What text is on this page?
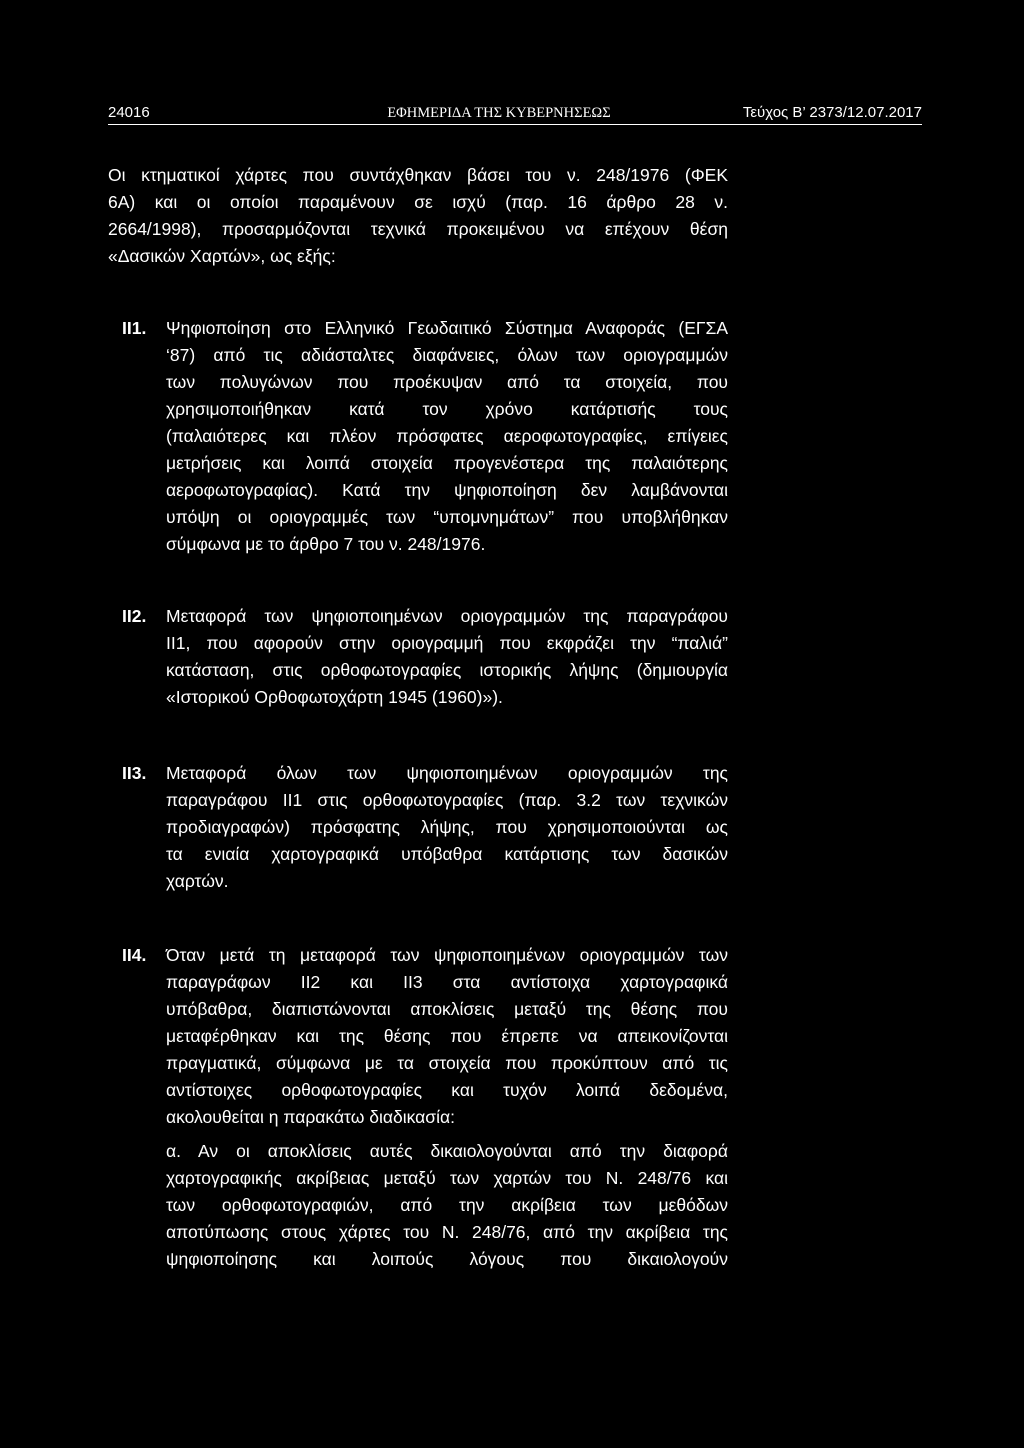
24016	ΕΦΗΜΕΡΙΔΑ ΤΗΣ ΚΥΒΕΡΝΗΣΕΩΣ	Τεύχος Β’ 2373/12.07.2017
Οι κτηματικοί χάρτες που συντάχθηκαν βάσει του ν. 248/1976 (ΦΕΚ
6Α) και οι οποίοι παραμένουν σε ισχύ (παρ. 16 άρθρο 28 ν.
2664/1998), προσαρμόζονται τεχνικά προκειμένου να επέχουν θέση
«Δασικών Χαρτών», ως εξής:
ΙΙ1. Ψηφιοποίηση στο Ελληνικό Γεωδαιτικό Σύστημα Αναφοράς (ΕΓΣΑ
‘87) από τις αδιάσταλτες διαφάνειες, όλων των οριογραμμών
των πολυγώνων που προέκυψαν από τα στοιχεία, που
χρησιμοποιήθηκαν κατά τον χρόνο κατάρτισής τους
(παλαιότερες και πλέον πρόσφατες αεροφωτογραφίες, επίγειες
μετρήσεις και λοιπά στοιχεία προγενέστερα της παλαιότερης
αεροφωτογραφίας). Κατά την ψηφιοποίηση δεν λαμβάνονται
υπόψη οι οριογραμμές των “υπομνημάτων” που υποβλήθηκαν
σύμφωνα με το άρθρο 7 του ν. 248/1976.
ΙΙ2. Μεταφορά των ψηφιοποιημένων οριογραμμών της παραγράφου
ΙΙ1, που αφορούν στην οριογραμμή που εκφράζει την “παλιά”
κατάσταση, στις ορθοφωτογραφίες ιστορικής λήψης (δημιουργία
«Ιστορικού Ορθοφωτοχάρτη 1945 (1960)»).
ΙΙ3. Μεταφορά όλων των ψηφιοποιημένων οριογραμμών της
παραγράφου ΙΙ1 στις ορθοφωτογραφίες (παρ. 3.2 των τεχνικών
προδιαγραφών) πρόσφατης λήψης, που χρησιμοποιούνται ως
τα ενιαία χαρτογραφικά υπόβαθρα κατάρτισης των δασικών
χαρτών.
ΙΙ4. Όταν μετά τη μεταφορά των ψηφιοποιημένων οριογραμμών των
παραγράφων ΙΙ2 και ΙΙ3 στα αντίστοιχα χαρτογραφικά
υπόβαθρα, διαπιστώνονται αποκλίσεις μεταξύ της θέσης που
μεταφέρθηκαν και της θέσης που έπρεπε να απεικονίζονται
πραγματικά, σύμφωνα με τα στοιχεία που προκύπτουν από τις
αντίστοιχες ορθοφωτογραφίες και τυχόν λοιπά δεδομένα,
ακολουθείται η παρακάτω διαδικασία:
α. Αν οι αποκλίσεις αυτές δικαιολογούνται από την διαφορά
χαρτογραφικής ακρίβειας μεταξύ των χαρτών του Ν. 248/76 και
των ορθοφωτογραφιών, από την ακρίβεια των μεθόδων
αποτύπωσης στους χάρτες του Ν. 248/76, από την ακρίβεια της
ψηφιοποίησης και λοιπούς λόγους που δικαιολογούν
